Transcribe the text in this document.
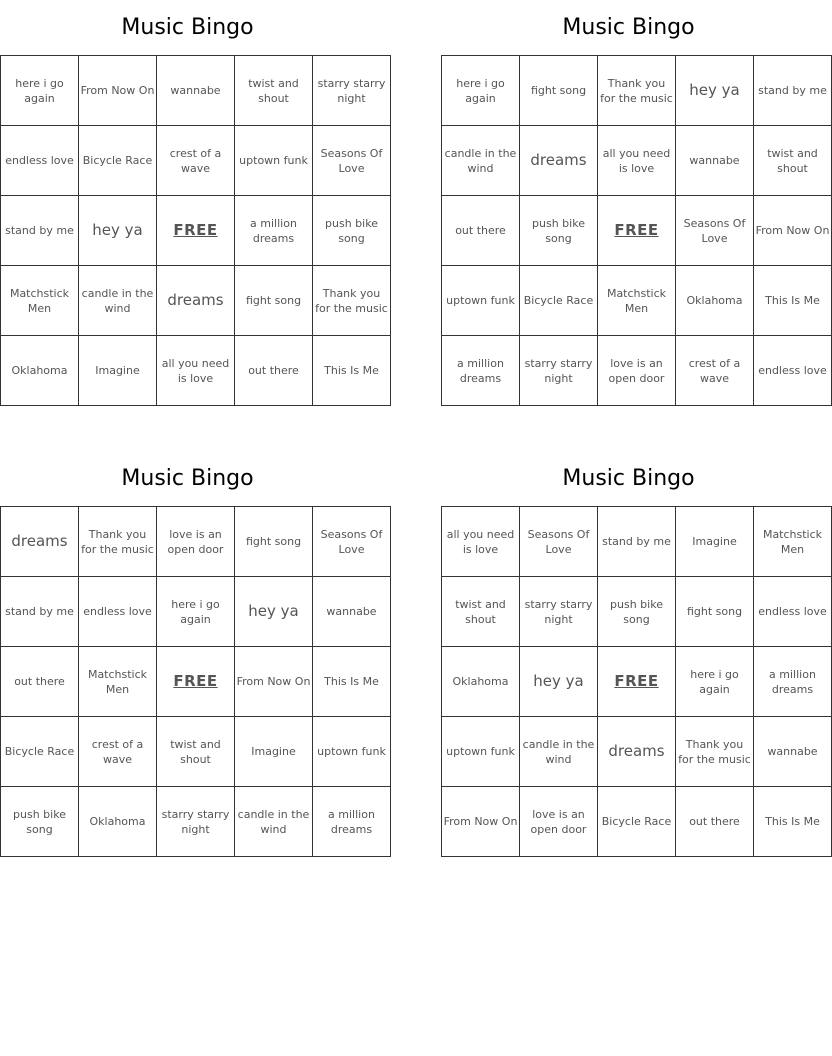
Music Bingo
here i go again	From Now On	wannabe	twist and shout	starry starry night
endless love	Bicycle Race	crest of a wave	uptown funk	Seasons Of Love
stand by me	hey ya	FREE	a million dreams	push bike song
Matchstick Men	candle in the wind	dreams	fight song	Thank you for the music
Oklahoma	Imagine	all you need is love	out there	This Is Me
Music Bingo
here i go again	fight song	Thank you for the music	hey ya	stand by me
candle in the wind	dreams	all you need is love	wannabe	twist and shout
out there	push bike song	FREE	Seasons Of Love	From Now On
uptown funk	Bicycle Race	Matchstick Men	Oklahoma	This Is Me
a million dreams	starry starry night	love is an open door	crest of a wave	endless love
Music Bingo
dreams	Thank you for the music	love is an open door	fight song	Seasons Of Love
stand by me	endless love	here i go again	hey ya	wannabe
out there	Matchstick Men	FREE	From Now On	This Is Me
Bicycle Race	crest of a wave	twist and shout	Imagine	uptown funk
push bike song	Oklahoma	starry starry night	candle in the wind	a million dreams
Music Bingo
all you need is love	Seasons Of Love	stand by me	Imagine	Matchstick Men
twist and shout	starry starry night	push bike song	fight song	endless love
Oklahoma	hey ya	FREE	here i go again	a million dreams
uptown funk	candle in the wind	dreams	Thank you for the music	wannabe
From Now On	love is an open door	Bicycle Race	out there	This Is Me
